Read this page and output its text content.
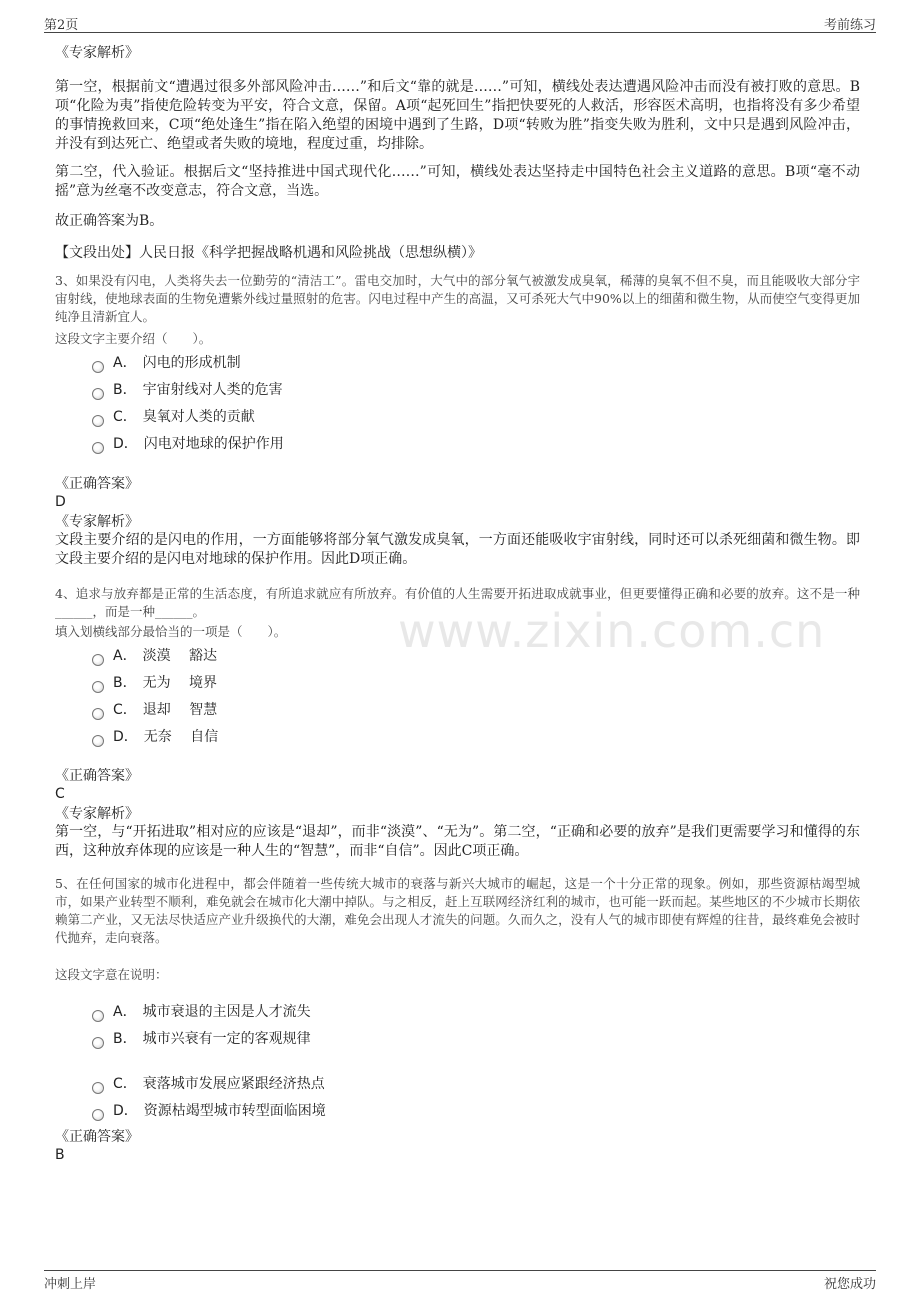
第2页	考前练习
www.zixin.com.cn
《专家解析》
第一空，根据前文“遭遇过很多外部风险冲击……”和后文“靠的就是……”可知，横线处表达遭遇风险冲击而没有被打败的意思。B项“化险为夷”指使危险转变为平安，符合文意，保留。A项“起死回生”指把快要死的人救活，形容医术高明，也指将没有多少希望的事情挽救回来，C项“绝处逢生”指在陷入绝望的困境中遇到了生路，D项“转败为胜”指变失败为胜利，文中只是遇到风险冲击，并没有到达死亡、绝望或者失败的境地，程度过重，均排除。
第二空，代入验证。根据后文“坚持推进中国式现代化……”可知，横线处表达坚持走中国特色社会主义道路的意思。B项“毫不动摇”意为丝毫不改变意志，符合文意，当选。
故正确答案为B。
【文段出处】人民日报《科学把握战略机遇和风险挑战（思想纵横）》
3、如果没有闪电，人类将失去一位勤劳的“清洁工”。雷电交加时，大气中的部分氧气被激发成臭氧，稀薄的臭氧不但不臭，而且能吸收大部分宇宙射线，使地球表面的生物免遭紫外线过量照射的危害。闪电过程中产生的高温，又可杀死大气中90%以上的细菌和微生物，从而使空气变得更加纯净且清新宜人。
这段文字主要介绍（　　）。
A． 闪电的形成机制
B． 宇宙射线对人类的危害
C． 臭氧对人类的贡献
D． 闪电对地球的保护作用
《正确答案》
D
《专家解析》
文段主要介绍的是闪电的作用，一方面能够将部分氧气激发成臭氧，一方面还能吸收宇宙射线，同时还可以杀死细菌和微生物。即文段主要介绍的是闪电对地球的保护作用。因此D项正确。
4、追求与放弃都是正常的生活态度，有所追求就应有所放弃。有价值的人生需要开拓进取成就事业，但更要懂得正确和必要的放弃。这不是一种______，而是一种______。
填入划横线部分最恰当的一项是（　　）。
A． 淡漠　 豁达
B． 无为　 境界
C． 退却　 智慧
D． 无奈　 自信
《正确答案》
C
《专家解析》
第一空，与“开拓进取”相对应的应该是“退却”，而非“淡漠”、“无为”。第二空，“正确和必要的放弃”是我们更需要学习和懂得的东西，这种放弃体现的应该是一种人生的“智慧”，而非“自信”。因此C项正确。
5、在任何国家的城市化进程中，都会伴随着一些传统大城市的衰落与新兴大城市的崛起，这是一个十分正常的现象。例如，那些资源枯竭型城市，如果产业转型不顺利，难免就会在城市化大潮中掉队。与之相反，赶上互联网经济红利的城市，也可能一跃而起。某些地区的不少城市长期依赖第二产业，又无法尽快适应产业升级换代的大潮，难免会出现人才流失的问题。久而久之，没有人气的城市即使有辉煌的往昔，最终难免会被时代抛弃，走向衰落。
这段文字意在说明：
A． 城市衰退的主因是人才流失
B． 城市兴衰有一定的客观规律
C． 衰落城市发展应紧跟经济热点
D． 资源枯竭型城市转型面临困境
《正确答案》
B
冲刺上岸	祝您成功
